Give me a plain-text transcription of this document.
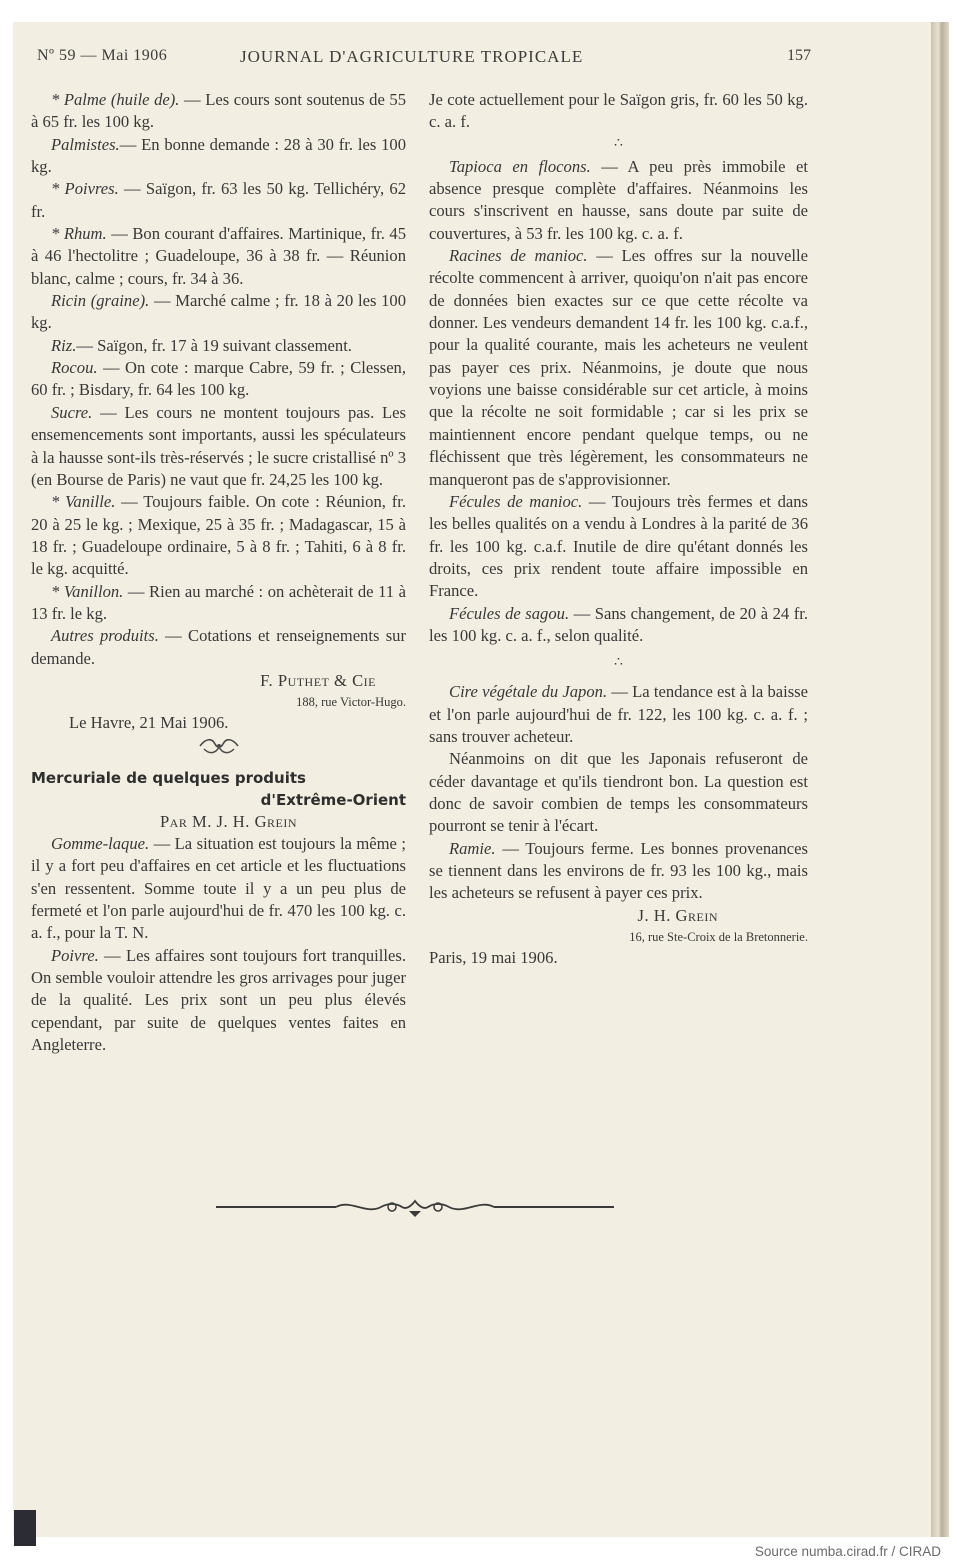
Nº 59 — Mai 1906	JOURNAL D'AGRICULTURE TROPICALE	157

* Palme (huile de). — Les cours sont soutenus de 55 à 65 fr. les 100 kg.

Palmistes.— En bonne demande : 28 à 30 fr. les 100 kg.

* Poivres. — Saïgon, fr. 63 les 50 kg. Tellichéry, 62 fr.

* Rhum. — Bon courant d'affaires. Martinique, fr. 45 à 46 l'hectolitre ; Guadeloupe, 36 à 38 fr. — Réunion blanc, calme ; cours, fr. 34 à 36.

Ricin (graine). — Marché calme ; fr. 18 à 20 les 100 kg.

Riz.— Saïgon, fr. 17 à 19 suivant classement.

Rocou. — On cote : marque Cabre, 59 fr. ; Clessen, 60 fr. ; Bisdary, fr. 64 les 100 kg.

Sucre. — Les cours ne montent toujours pas. Les ensemencements sont importants, aussi les spéculateurs à la hausse sont-ils très-réservés ; le sucre cristallisé nº 3 (en Bourse de Paris) ne vaut que fr. 24,25 les 100 kg.

* Vanille. — Toujours faible. On cote : Réunion, fr. 20 à 25 le kg. ; Mexique, 25 à 35 fr. ; Madagascar, 15 à 18 fr. ; Guadeloupe ordinaire, 5 à 8 fr. ; Tahiti, 6 à 8 fr. le kg. acquitté.

* Vanillon. — Rien au marché : on achèterait de 11 à 13 fr. le kg.

Autres produits. — Cotations et renseignements sur demande.

F. Puthet & Cie

188, rue Victor-Hugo.

Le Havre, 21 Mai 1906.

Mercuriale de quelques produits
d'Extrême-Orient

Par M. J. H. Grein

Gomme-laque. — La situation est toujours la même ; il y a fort peu d'affaires en cet article et les fluctuations s'en ressentent. Somme toute il y a un peu plus de fermeté et l'on parle aujourd'hui de fr. 470 les 100 kg. c. a. f., pour la T. N.

Poivre. — Les affaires sont toujours fort tranquilles. On semble vouloir attendre les gros arrivages pour juger de la qualité. Les prix sont un peu plus élevés cependant, par suite de quelques ventes faites en Angleterre.

Je cote actuellement pour le Saïgon gris, fr. 60 les 50 kg. c. a. f.

∴

Tapioca en flocons. — A peu près immobile et absence presque complète d'affaires. Néanmoins les cours s'inscrivent en hausse, sans doute par suite de couvertures, à 53 fr. les 100 kg. c. a. f.

Racines de manioc. — Les offres sur la nouvelle récolte commencent à arriver, quoiqu'on n'ait pas encore de données bien exactes sur ce que cette récolte va donner. Les vendeurs demandent 14 fr. les 100 kg. c.a.f., pour la qualité courante, mais les acheteurs ne veulent pas payer ces prix. Néanmoins, je doute que nous voyions une baisse considérable sur cet article, à moins que la récolte ne soit formidable ; car si les prix se maintiennent encore pendant quelque temps, ou ne fléchissent que très légèrement, les consommateurs ne manqueront pas de s'approvisionner.

Fécules de manioc. — Toujours très fermes et dans les belles qualités on a vendu à Londres à la parité de 36 fr. les 100 kg. c.a.f. Inutile de dire qu'étant donnés les droits, ces prix rendent toute affaire impossible en France.

Fécules de sagou. — Sans changement, de 20 à 24 fr. les 100 kg. c. a. f., selon qualité.

∴

Cire végétale du Japon. — La tendance est à la baisse et l'on parle aujourd'hui de fr. 122, les 100 kg. c. a. f. ; sans trouver acheteur.

Néanmoins on dit que les Japonais refuseront de céder davantage et qu'ils tiendront bon. La question est donc de savoir combien de temps les consommateurs pourront se tenir à l'écart.

Ramie. — Toujours ferme. Les bonnes provenances se tiennent dans les environs de fr. 93 les 100 kg., mais les acheteurs se refusent à payer ces prix.

J. H. Grein

16, rue Ste-Croix de la Bretonnerie.

Paris, 19 mai 1906.

Source numba.cirad.fr / CIRAD
